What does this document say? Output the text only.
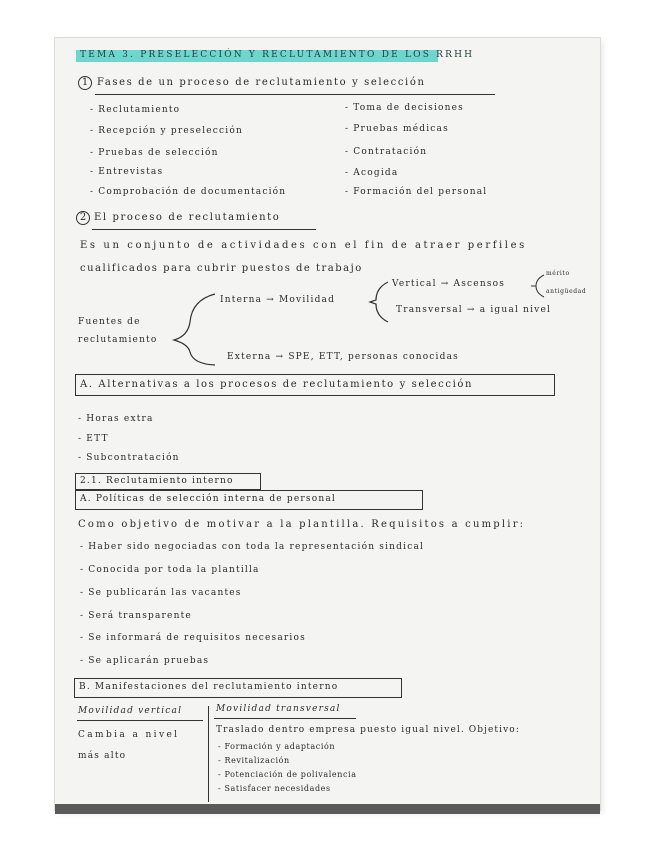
TEMA 3. PRESELECCIÓN Y RECLUTAMIENTO DE LOS RRHH
1 Fases de un proceso de reclutamiento y selección
- Reclutamiento
- Recepción y preselección
- Pruebas de selección
- Entrevistas
- Comprobación de documentación
- Toma de decisiones
- Pruebas médicas
- Contratación
- Acogida
- Formación del personal
2 El proceso de reclutamiento
Es un conjunto de actividades con el fin de atraer perfiles
cualificados para cubrir puestos de trabajo
Fuentes de
reclutamiento
Interna → Movilidad
Vertical → Ascensos
mérito
antigüedad
Transversal → a igual nivel
Externa → SPE, ETT, personas conocidas
A. Alternativas a los procesos de reclutamiento y selección
- Horas extra
- ETT
- Subcontratación
2.1. Reclutamiento interno
A. Políticas de selección interna de personal
Como objetivo de motivar a la plantilla. Requisitos a cumplir:
- Haber sido negociadas con toda la representación sindical
- Conocida por toda la plantilla
- Se publicarán las vacantes
- Será transparente
- Se informará de requisitos necesarios
- Se aplicarán pruebas
B. Manifestaciones del reclutamiento interno
Movilidad vertical	Movilidad transversal
Cambia a nivel
más alto
Traslado dentro empresa puesto igual nivel. Objetivo:
- Formación y adaptación
- Revitalización
- Potenciación de polivalencia
- Satisfacer necesidades
